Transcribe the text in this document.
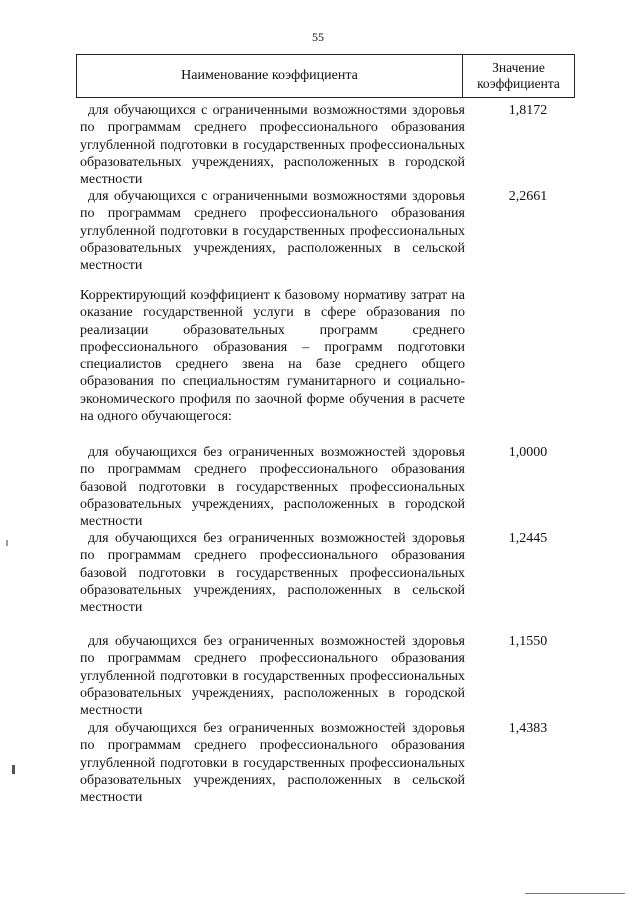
55
Наименование коэффициента
Значение
коэффициента
для обучающихся с ограниченными возможностями здоровья по программам среднего профессионального образования углубленной подготовки в государственных профессиональных образовательных учреждениях, расположенных в городской местности
1,8172
для обучающихся с ограниченными возможностями здоровья по программам среднего профессионального образования углубленной подготовки в государственных профессиональных образовательных учреждениях, расположенных в сельской местности
2,2661
Корректирующий коэффициент к базовому нормативу затрат на оказание государственной услуги в сфере образования по реализации образовательных программ среднего профессионального образования – программ подготовки специалистов среднего звена на базе среднего общего образования по специальностям гуманитарного и социально-экономического профиля по заочной форме обучения в расчете на одного обучающегося:
для обучающихся без ограниченных возможностей здоровья по программам среднего профессионального образования базовой подготовки в государственных профессиональных образовательных учреждениях, расположенных в городской местности
1,0000
для обучающихся без ограниченных возможностей здоровья по программам среднего профессионального образования базовой подготовки в государственных профессиональных образовательных учреждениях, расположенных в сельской местности
1,2445
для обучающихся без ограниченных возможностей здоровья по программам среднего профессионального образования углубленной подготовки в государственных профессиональных образовательных учреждениях, расположенных в городской местности
1,1550
для обучающихся без ограниченных возможностей здоровья по программам среднего профессионального образования углубленной подготовки в государственных профессиональных образовательных учреждениях, расположенных в сельской местности
1,4383
